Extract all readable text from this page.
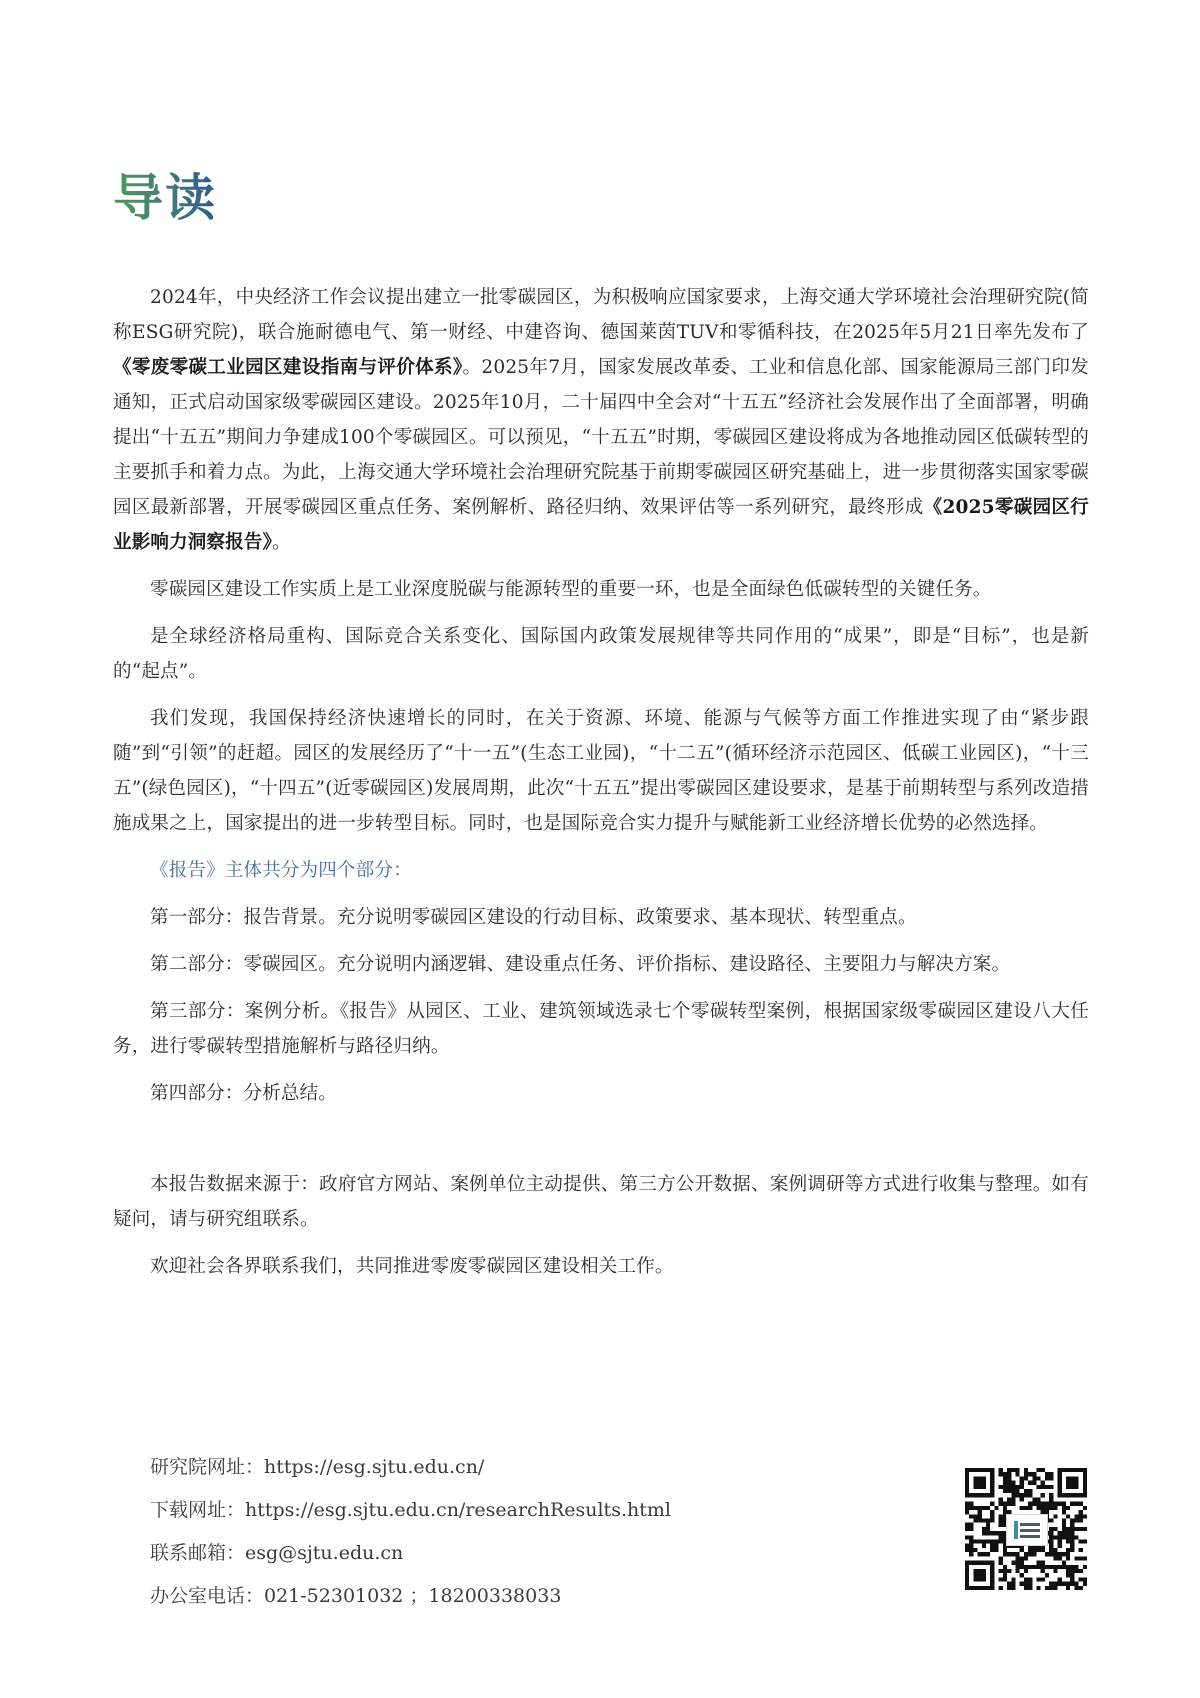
导读

2024年，中央经济工作会议提出建立一批零碳园区，为积极响应国家要求，上海交通大学环境社会治理研究院(简称ESG研究院)，联合施耐德电气、第一财经、中建咨询、德国莱茵TUV和零循科技，在2025年5月21日率先发布了《零废零碳工业园区建设指南与评价体系》。2025年7月，国家发展改革委、工业和信息化部、国家能源局三部门印发通知，正式启动国家级零碳园区建设。2025年10月，二十届四中全会对“十五五”经济社会发展作出了全面部署，明确提出“十五五”期间力争建成100个零碳园区。可以预见，“十五五”时期，零碳园区建设将成为各地推动园区低碳转型的主要抓手和着力点。为此，上海交通大学环境社会治理研究院基于前期零碳园区研究基础上，进一步贯彻落实国家零碳园区最新部署，开展零碳园区重点任务、案例解析、路径归纳、效果评估等一系列研究，最终形成《2025零碳园区行业影响力洞察报告》。

零碳园区建设工作实质上是工业深度脱碳与能源转型的重要一环，也是全面绿色低碳转型的关键任务。

是全球经济格局重构、国际竞合关系变化、国际国内政策发展规律等共同作用的“成果”，即是“目标”，也是新的“起点”。

我们发现，我国保持经济快速增长的同时，在关于资源、环境、能源与气候等方面工作推进实现了由“紧步跟随”到“引领”的赶超。园区的发展经历了“十一五”(生态工业园)，“十二五”(循环经济示范园区、低碳工业园区)，“十三五”(绿色园区)，“十四五”(近零碳园区)发展周期，此次“十五五”提出零碳园区建设要求，是基于前期转型与系列改造措施成果之上，国家提出的进一步转型目标。同时，也是国际竞合实力提升与赋能新工业经济增长优势的必然选择。

《报告》主体共分为四个部分：

第一部分：报告背景。充分说明零碳园区建设的行动目标、政策要求、基本现状、转型重点。

第二部分：零碳园区。充分说明内涵逻辑、建设重点任务、评价指标、建设路径、主要阻力与解决方案。

第三部分：案例分析。《报告》从园区、工业、建筑领域选录七个零碳转型案例，根据国家级零碳园区建设八大任务，进行零碳转型措施解析与路径归纳。

第四部分：分析总结。

本报告数据来源于：政府官方网站、案例单位主动提供、第三方公开数据、案例调研等方式进行收集与整理。如有疑问，请与研究组联系。

欢迎社会各界联系我们，共同推进零废零碳园区建设相关工作。

研究院网址：https://esg.sjtu.edu.cn/
下载网址：https://esg.sjtu.edu.cn/researchResults.html
联系邮箱：esg@sjtu.edu.cn
办公室电话：021-52301032 ；18200338033
